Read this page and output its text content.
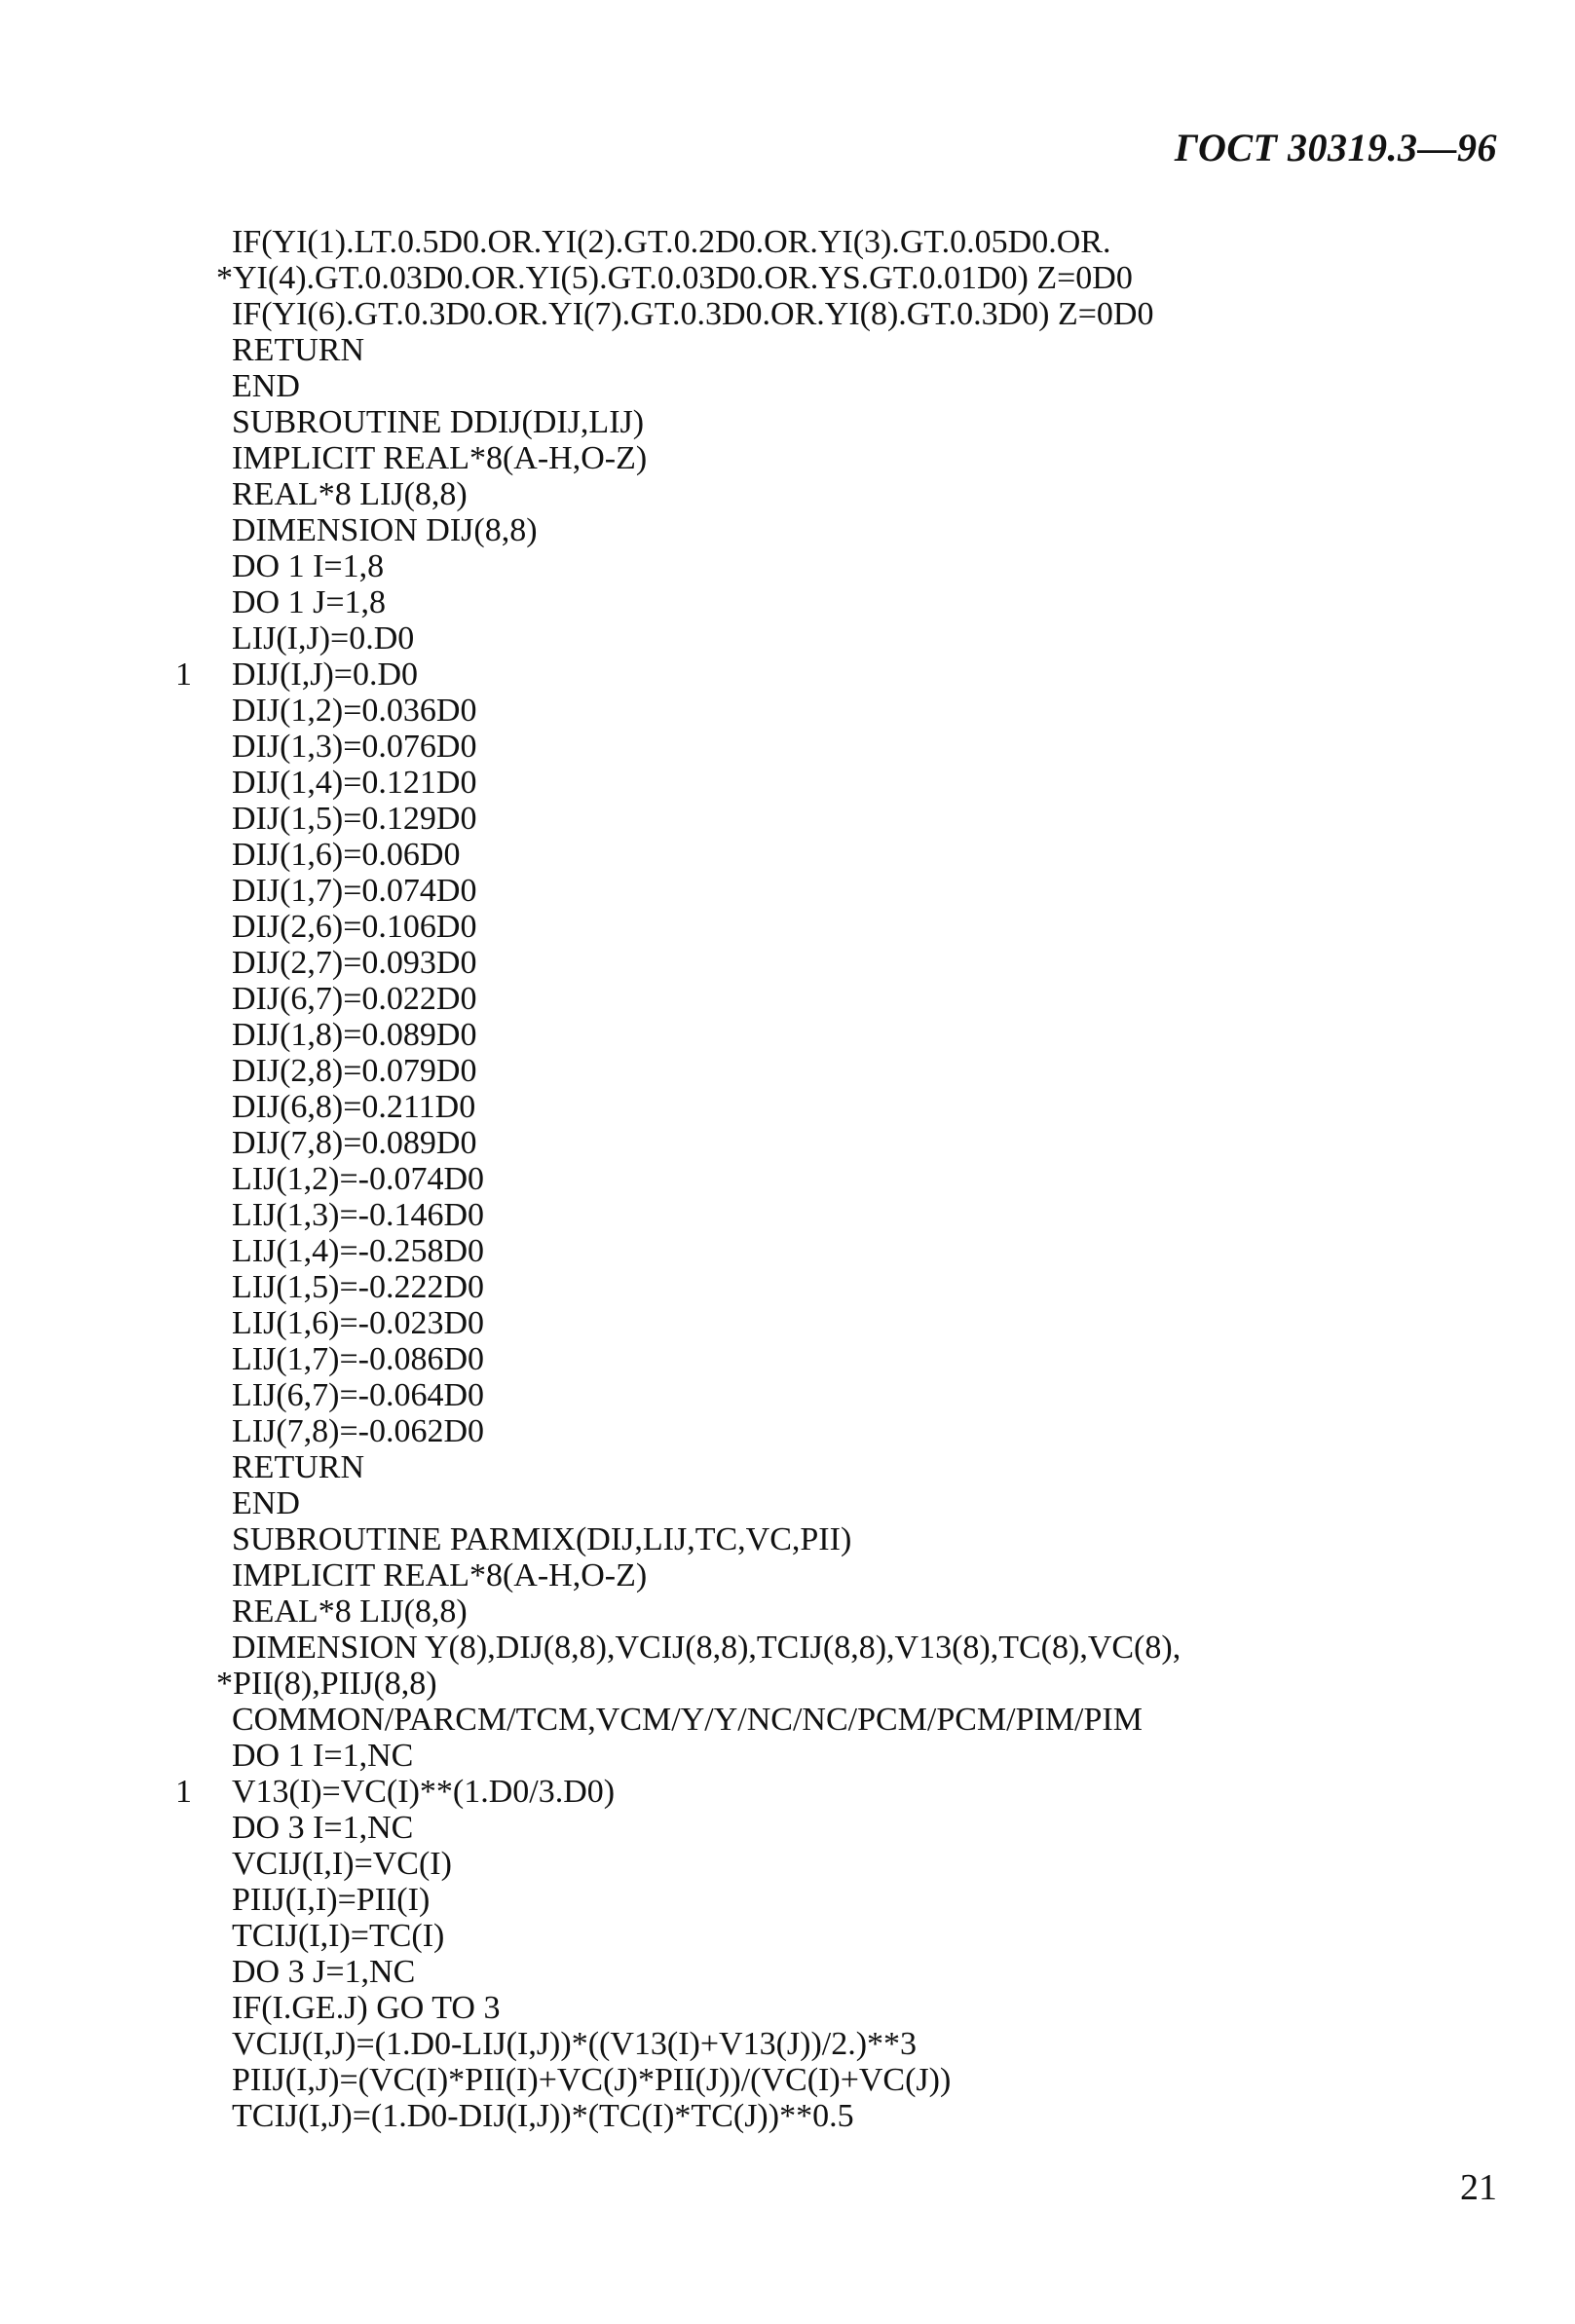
ГОСТ 30319.3—96
IF(YI(1).LT.0.5D0.OR.YI(2).GT.0.2D0.OR.YI(3).GT.0.05D0.OR.
*YI(4).GT.0.03D0.OR.YI(5).GT.0.03D0.OR.YS.GT.0.01D0) Z=0D0
IF(YI(6).GT.0.3D0.OR.YI(7).GT.0.3D0.OR.YI(8).GT.0.3D0) Z=0D0
RETURN
END
SUBROUTINE DDIJ(DIJ,LIJ)
IMPLICIT REAL*8(A-H,O-Z)
REAL*8 LIJ(8,8)
DIMENSION DIJ(8,8)
DO 1 I=1,8
DO 1 J=1,8
LIJ(I,J)=0.D0
1	DIJ(I,J)=0.D0
DIJ(1,2)=0.036D0
DIJ(1,3)=0.076D0
DIJ(1,4)=0.121D0
DIJ(1,5)=0.129D0
DIJ(1,6)=0.06D0
DIJ(1,7)=0.074D0
DIJ(2,6)=0.106D0
DIJ(2,7)=0.093D0
DIJ(6,7)=0.022D0
DIJ(1,8)=0.089D0
DIJ(2,8)=0.079D0
DIJ(6,8)=0.211D0
DIJ(7,8)=0.089D0
LIJ(1,2)=-0.074D0
LIJ(1,3)=-0.146D0
LIJ(1,4)=-0.258D0
LIJ(1,5)=-0.222D0
LIJ(1,6)=-0.023D0
LIJ(1,7)=-0.086D0
LIJ(6,7)=-0.064D0
LIJ(7,8)=-0.062D0
RETURN
END
SUBROUTINE PARMIX(DIJ,LIJ,TC,VC,PII)
IMPLICIT REAL*8(A-H,O-Z)
REAL*8 LIJ(8,8)
DIMENSION Y(8),DIJ(8,8),VCIJ(8,8),TCIJ(8,8),V13(8),TC(8),VC(8),
*PII(8),PIIJ(8,8)
COMMON/PARCM/TCM,VCM/Y/Y/NC/NC/PCM/PCM/PIM/PIM
DO 1 I=1,NC
1	V13(I)=VC(I)**(1.D0/3.D0)
DO 3 I=1,NC
VCIJ(I,I)=VC(I)
PIIJ(I,I)=PII(I)
TCIJ(I,I)=TC(I)
DO 3 J=1,NC
IF(I.GE.J) GO TO 3
VCIJ(I,J)=(1.D0-LIJ(I,J))*((V13(I)+V13(J))/2.)**3
PIIJ(I,J)=(VC(I)*PII(I)+VC(J)*PII(J))/(VC(I)+VC(J))
TCIJ(I,J)=(1.D0-DIJ(I,J))*(TC(I)*TC(J))**0.5
21
